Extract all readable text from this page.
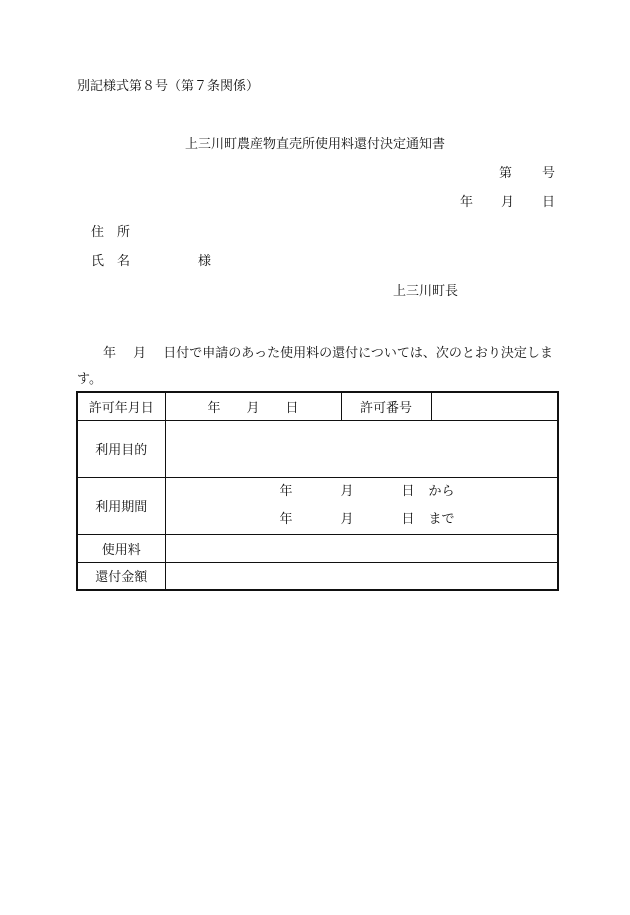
別記様式第８号（第７条関係）
上三川町農産物直売所使用料還付決定通知書
第 号
年 月 日
住　所
氏　名	様
上三川町長
年　 月　 日付で申請のあった使用料の還付については、次のとおり決定します。
許可年月日	年 月 日	許可番号	
利用目的			
利用期間	年 月 日 から
年 月 日 まで		

使用料			
還付金額			
